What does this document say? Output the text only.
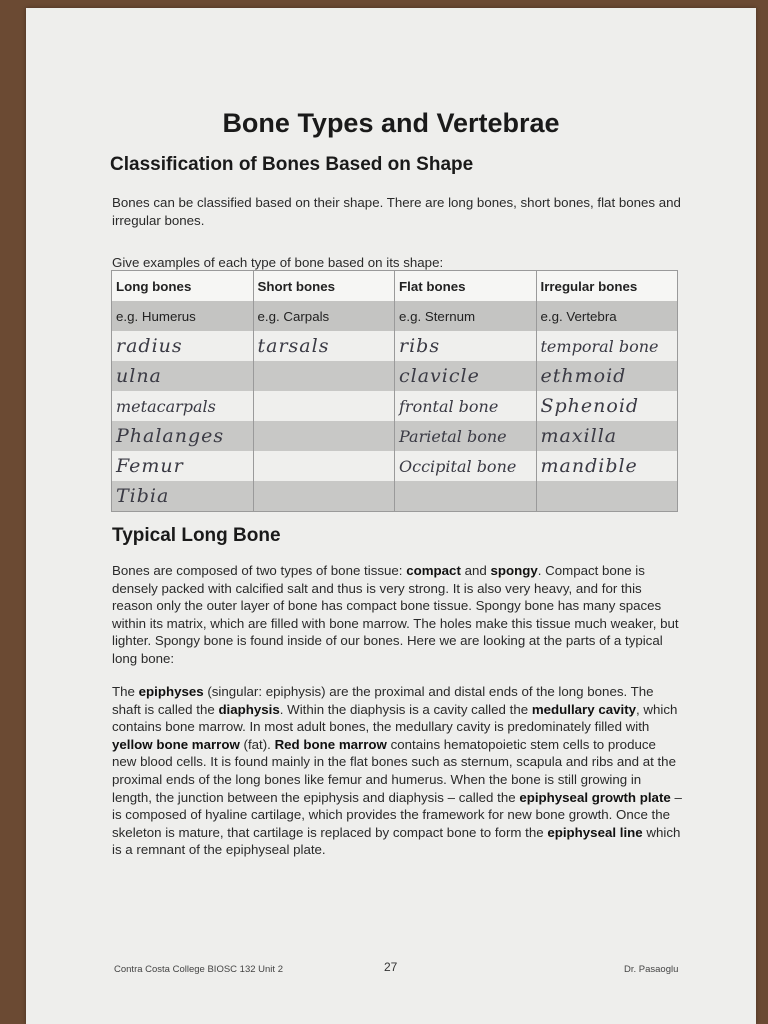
Bone Types and Vertebrae
Classification of Bones Based on Shape
Bones can be classified based on their shape. There are long bones, short bones, flat bones and irregular bones.
Give examples of each type of bone based on its shape:
Long bones	Short bones	Flat bones	Irregular bones
e.g. Humerus	e.g. Carpals	e.g. Sternum	e.g. Vertebra
radius	tarsals	ribs	temporal bone
ulna		clavicle	ethmoid
metacarpals		frontal bone	Sphenoid
Phalanges		Parietal bone	maxilla
Femur		Occipital bone	mandible
Tibia			
Typical Long Bone
Bones are composed of two types of bone tissue: compact and spongy. Compact bone is densely packed with calcified salt and thus is very strong. It is also very heavy, and for this reason only the outer layer of bone has compact bone tissue. Spongy bone has many spaces within its matrix, which are filled with bone marrow. The holes make this tissue much weaker, but lighter. Spongy bone is found inside of our bones. Here we are looking at the parts of a typical long bone:
The epiphyses (singular: epiphysis) are the proximal and distal ends of the long bones. The shaft is called the diaphysis. Within the diaphysis is a cavity called the medullary cavity, which contains bone marrow. In most adult bones, the medullary cavity is predominately filled with yellow bone marrow (fat). Red bone marrow contains hematopoietic stem cells to produce new blood cells. It is found mainly in the flat bones such as sternum, scapula and ribs and at the proximal ends of the long bones like femur and humerus. When the bone is still growing in length, the junction between the epiphysis and diaphysis – called the epiphyseal growth plate – is composed of hyaline cartilage, which provides the framework for new bone growth. Once the skeleton is mature, that cartilage is replaced by compact bone to form the epiphyseal line which is a remnant of the epiphyseal plate.
Contra Costa College BIOSC 132 Unit 2	27	Dr. Pasaoglu
